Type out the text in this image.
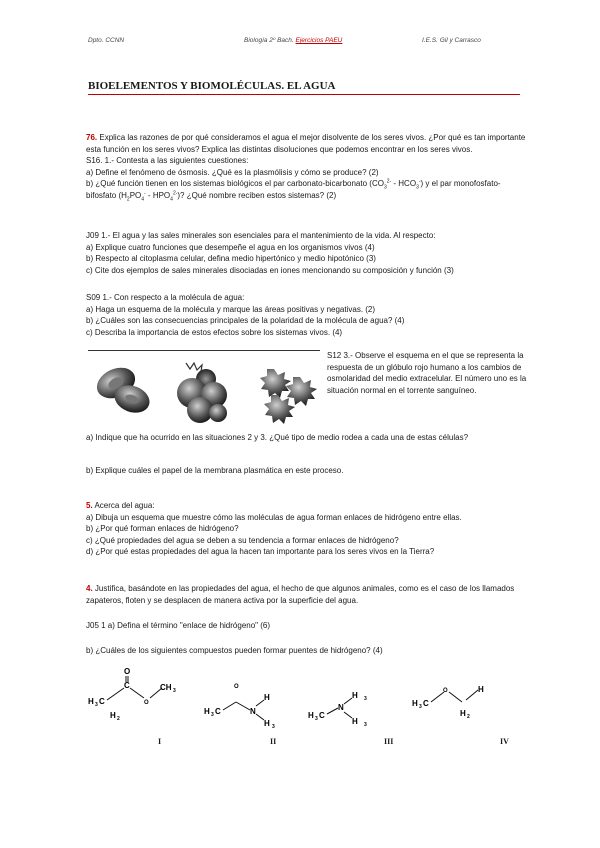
Dpto. CCNN	Biología 2º Bach. Ejercicios PAEU	I.E.S. Gil y Carrasco
BIOELEMENTOS Y BIOMOLÉCULAS. EL AGUA

76. Explica las razones de por qué consideramos el agua el mejor disolvente de los seres vivos. ¿Por qué es tan importante esta función en los seres vivos? Explica las distintas disoluciones que podemos encontrar en los seres vivos.

S16. 1.- Contesta a las siguientes cuestiones:

a) Define el fenómeno de ósmosis. ¿Qué es la plasmólisis y cómo se produce? (2)

b) ¿Qué función tienen en los sistemas biológicos el par carbonato-bicarbonato $(CO_3^{2-} - HCO_3^-)$ y el par monofosfato-bifosfato $(H_2PO_4^- - HPO_4^{2-})$? ¿Qué nombre reciben estos sistemas? (2)

J09 1.- El agua y las sales minerales son esenciales para el mantenimiento de la vida. Al respecto:

a) Explique cuatro funciones que desempeñe el agua en los organismos vivos (4)

b) Respecto al citoplasma celular, defina medio hipertónico y medio hipotónico (3)

c) Cite dos ejemplos de sales minerales disociadas en iones mencionando su composición y función (3)

S09 1.- Con respecto a la molécula de agua:

a) Haga un esquema de la molécula y marque las áreas positivas y negativas. (2)

b) ¿Cuáles son las consecuencias principales de la polaridad de la molécula de agua? (4)

c) Describa la importancia de estos efectos sobre los sistemas vivos. (4)

S12 3.- Observe el esquema en el que se representa la respuesta de un glóbulo rojo humano a los cambios de osmolaridad del medio extracelular. El número uno es la situación normal en el torrente sanguíneo.

a) Indique que ha ocurrido en las situaciones 2 y 3. ¿Qué tipo de medio rodea a cada una de estas células?

b) Explique cuáles el papel de la membrana plasmática en este proceso.

5. Acerca del agua:

a) Dibuja un esquema que muestre cómo las moléculas de agua forman enlaces de hidrógeno entre ellas.

b) ¿Por qué forman enlaces de hidrógeno?

c) ¿Qué propiedades del agua se deben a su tendencia a formar enlaces de hidrógeno?

d) ¿Por qué estas propiedades del agua la hacen tan importante para los seres vivos en la Tierra?

4. Justifica, basándote en las propiedades del agua, el hecho de que algunos animales, como es el caso de los llamados zapateros, floten y se desplacen de manera activa por la superficie del agua.

J05 1 a) Defina el término "enlace de hidrógeno" (6)

b) ¿Cuáles de los siguientes compuestos pueden formar puentes de hidrógeno? (4)

H 3 C
C
O
O
CH 3
H 2
O
H 3 C	N
H
H 3
H 3 C
N
H 3
H 3
H 3 C
O	H
H 2
I	II	III	IV
